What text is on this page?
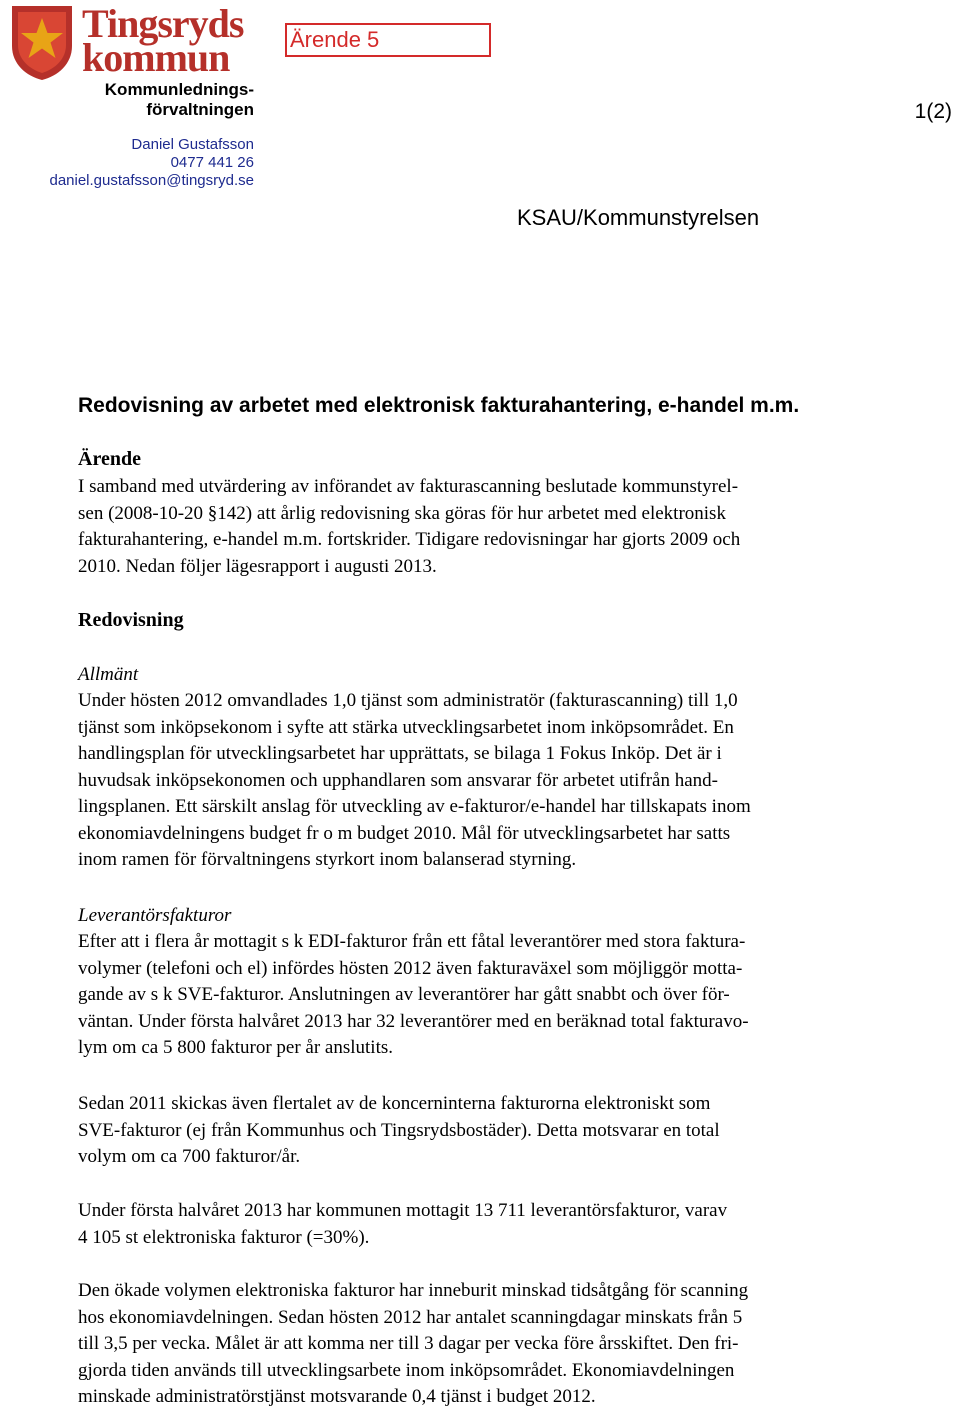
Tingsryds
kommun
Kommunlednings-
förvaltningen
Ärende 5
1(2)
Daniel Gustafsson
0477 441 26
daniel.gustafsson@tingsryd.se
KSAU/Kommunstyrelsen
Redovisning av arbetet med elektronisk fakturahantering, e-handel m.m.
Ärende
I samband med utvärdering av införandet av fakturascanning beslutade kommunstyrel-
sen (2008-10-20 §142) att årlig redovisning ska göras för hur arbetet med elektronisk
fakturahantering, e-handel m.m. fortskrider. Tidigare redovisningar har gjorts 2009 och
2010. Nedan följer lägesrapport i augusti 2013.
Redovisning
Allmänt
Under hösten 2012 omvandlades 1,0 tjänst som administratör (fakturascanning) till 1,0
tjänst som inköpsekonom i syfte att stärka utvecklingsarbetet inom inköpsområdet. En
handlingsplan för utvecklingsarbetet har upprättats, se bilaga 1 Fokus Inköp. Det är i
huvudsak inköpsekonomen och upphandlaren som ansvarar för arbetet utifrån hand-
lingsplanen. Ett särskilt anslag för utveckling av e-fakturor/e-handel har tillskapats inom
ekonomiavdelningens budget fr o m budget 2010. Mål för utvecklingsarbetet har satts
inom ramen för förvaltningens styrkort inom balanserad styrning.
Leverantörsfakturor
Efter att i flera år mottagit s k EDI-fakturor från ett fåtal leverantörer med stora faktura-
volymer (telefoni och el) infördes hösten 2012 även fakturaväxel som möjliggör motta-
gande av s k SVE-fakturor. Anslutningen av leverantörer har gått snabbt och över för-
väntan. Under första halvåret 2013 har 32 leverantörer med en beräknad total fakturavo-
lym om ca 5 800 fakturor per år anslutits.
Sedan 2011 skickas även flertalet av de koncerninterna fakturorna elektroniskt som
SVE-fakturor (ej från Kommunhus och Tingsrydsbostäder). Detta motsvarar en total
volym om ca 700 fakturor/år.
Under första halvåret 2013 har kommunen mottagit 13 711 leverantörsfakturor, varav
4 105 st elektroniska fakturor (=30%).
Den ökade volymen elektroniska fakturor har inneburit minskad tidsåtgång för scanning
hos ekonomiavdelningen. Sedan hösten 2012 har antalet scanningdagar minskats från 5
till 3,5 per vecka. Målet är att komma ner till 3 dagar per vecka före årsskiftet. Den fri-
gjorda tiden används till utvecklingsarbete inom inköpsområdet. Ekonomiavdelningen
minskade administratörstjänst motsvarande 0,4 tjänst i budget 2012.
